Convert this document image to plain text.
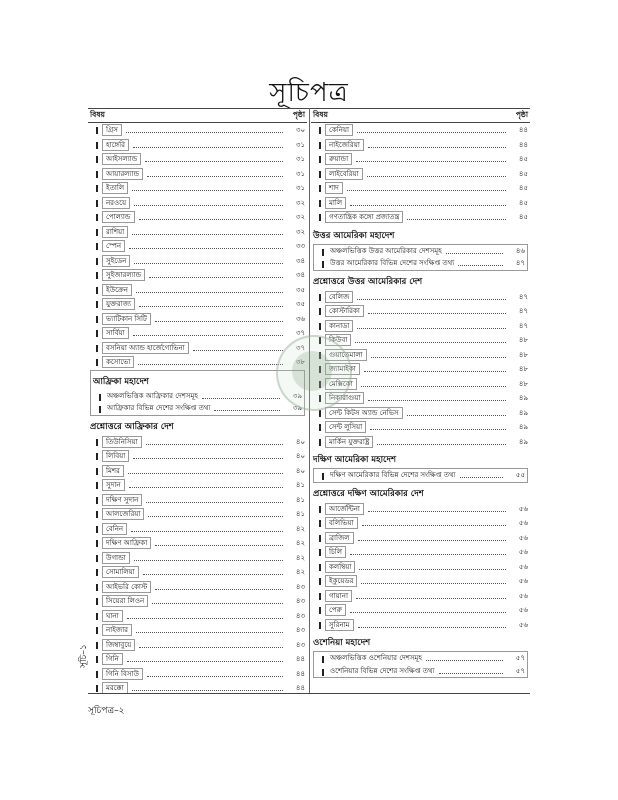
সূচিপত্র
বিষয়	পৃষ্ঠা
গ্রিস	৩০
হাঙ্গেরি	৩১
আইসল্যান্ড	৩১
আয়ারল্যান্ড	৩১
ইতালি	৩১
নরওয়ে	৩২
পোল্যান্ড	৩২
রাশিয়া	৩২
স্পেন	৩৩
সুইডেন	৩৪
সুইজারল্যান্ড	৩৪
ইউক্রেন	৩৫
যুক্তরাজ্য	৩৫
ভ্যাটিকান সিটি	৩৬
সার্বিয়া	৩৭
বসনিয়া অ্যান্ড হার্জেগোভিনা	৩৭
কসোভো	৩৮
আফ্রিকা মহাদেশ
অঞ্চলভিত্তিক আফ্রিকার দেশসমূহ	৩৯
আফ্রিকার বিভিন্ন দেশের সংক্ষিপ্ত তথ্য	৩৯
প্রশ্নোত্তরে আফ্রিকার দেশ
তিউনিসিয়া	৪০
লিবিয়া	৪০
মিশর	৪০
সুদান	৪১
দক্ষিণ সুদান	৪১
আলজেরিয়া	৪১
বেনিন	৪২
দক্ষিণ আফ্রিকা	৪২
উগান্ডা	৪২
সোমালিয়া	৪২
আইভরি কোস্ট	৪৩
সিয়েরা লিওন	৪৩
ঘানা	৪৩
নাইজার	৪৩
জিম্বাবুয়ে	৪৩
গিনি	৪৪
গিনি বিসাউ	৪৪
মরক্কো	৪৪
বিষয়	পৃষ্ঠা
কেনিয়া	৪৪
নাইজেরিয়া	৪৪
রুয়ান্ডা	৪৫
লাইবেরিয়া	৪৫
শাদ	৪৫
মালি	৪৫
গণতান্ত্রিক কঙ্গো প্রজাতন্ত্র	৪৫
উত্তর আমেরিকা মহাদেশ
অঞ্চলভিত্তিক উত্তর আমেরিকার দেশসমূহ	৪৬
উত্তর আমেরিকার বিভিন্ন দেশের সংক্ষিপ্ত তথ্য	৪৭
প্রশ্নোত্তরে উত্তর আমেরিকার দেশ
বেলিজ	৪৭
কোস্টারিকা	৪৭
কানাডা	৪৭
কিউবা	৪৮
গুয়াতেমালা	৪৮
জ্যামাইকা	৪৮
মেক্সিকো	৪৮
নিকারাগুয়া	৪৯
সেন্ট কিটস অ্যান্ড নেভিস	৪৯
সেন্ট লুসিয়া	৪৯
মার্কিন যুক্তরাষ্ট্র	৪৯
দক্ষিণ আমেরিকা মহাদেশ
দক্ষিণ আমেরিকার বিভিন্ন দেশের সংক্ষিপ্ত তথ্য	৫৫
প্রশ্নোত্তরে দক্ষিণ আমেরিকার দেশ
আর্জেন্টিনা	৫৬
বলিভিয়া	৫৬
ব্রাজিল	৫৬
চিলি	৫৬
কলম্বিয়া	৫৬
ইকুয়েডর	৫৬
গায়ানা	৫৬
পেরু	৫৬
সুরিনাম	৫৬
ওশেনিয়া মহাদেশ
অঞ্চলভিত্তিক ওশেনিয়ার দেশসমূহ	৫৭
ওশেনিয়ার বিভিন্ন দেশের সংক্ষিপ্ত তথ্য	৫৭
সূচিপত্র–২
সূচি–১
